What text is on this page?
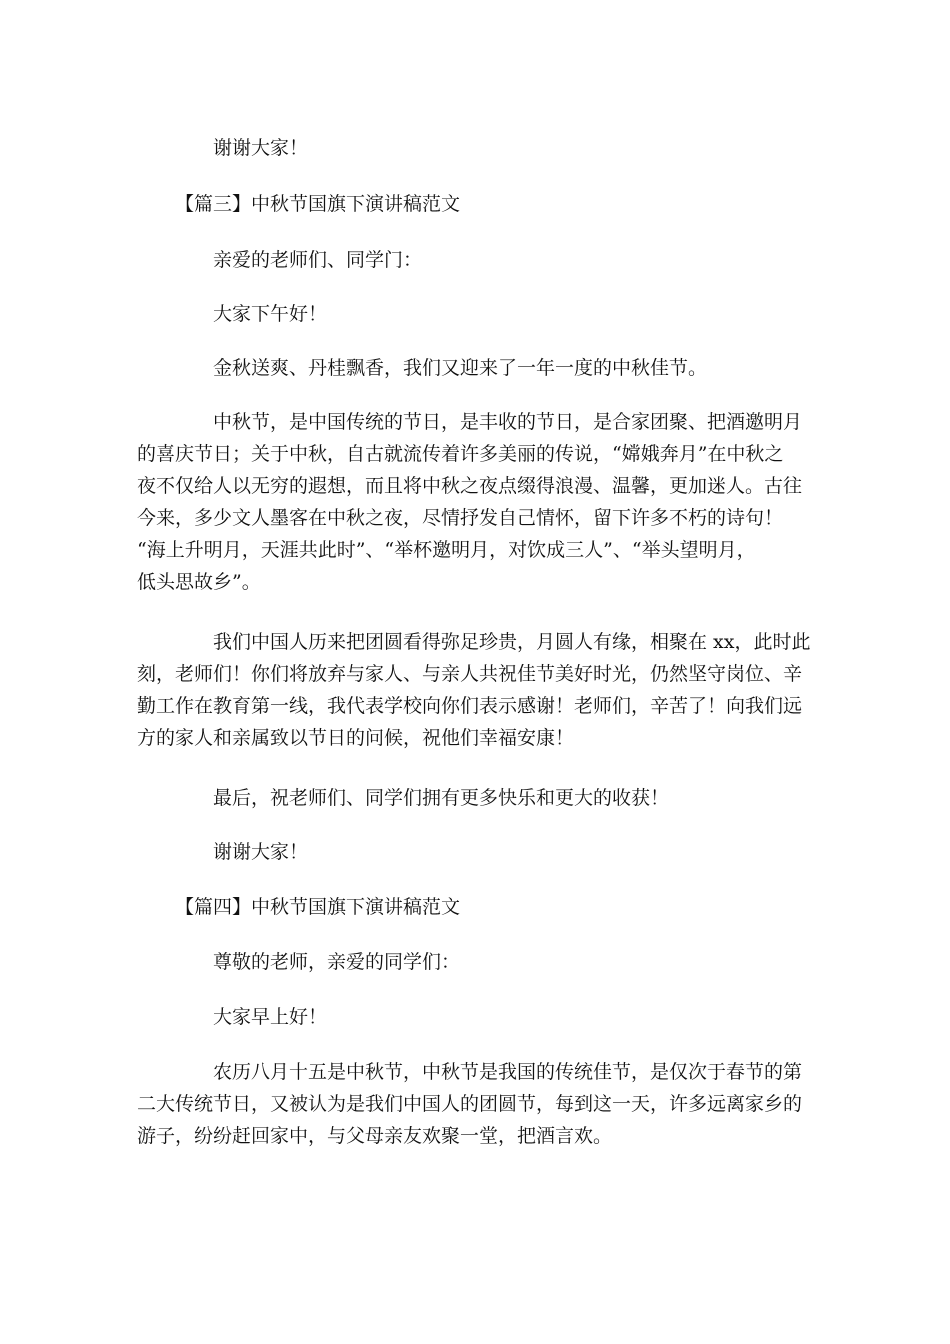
谢谢大家！
【篇三】中秋节国旗下演讲稿范文
亲爱的老师们、同学门：
大家下午好！
金秋送爽、丹桂飘香，我们又迎来了一年一度的中秋佳节。
中秋节，是中国传统的节日，是丰收的节日，是合家团聚、把酒邀明月
的喜庆节日；关于中秋，自古就流传着许多美丽的传说，“嫦娥奔月”在中秋之
夜不仅给人以无穷的遐想，而且将中秋之夜点缀得浪漫、温馨，更加迷人。古往
今来，多少文人墨客在中秋之夜，尽情抒发自己情怀，留下许多不朽的诗句！
“海上升明月，天涯共此时”、“举杯邀明月，对饮成三人”、“举头望明月，
低头思故乡”。
我们中国人历来把团圆看得弥足珍贵，月圆人有缘，相聚在 xx，此时此
刻，老师们！你们将放弃与家人、与亲人共祝佳节美好时光，仍然坚守岗位、辛
勤工作在教育第一线，我代表学校向你们表示感谢！老师们，辛苦了！向我们远
方的家人和亲属致以节日的问候，祝他们幸福安康！
最后，祝老师们、同学们拥有更多快乐和更大的收获！
谢谢大家！
【篇四】中秋节国旗下演讲稿范文
尊敬的老师，亲爱的同学们：
大家早上好！
农历八月十五是中秋节，中秋节是我国的传统佳节，是仅次于春节的第
二大传统节日，又被认为是我们中国人的团圆节，每到这一天，许多远离家乡的
游子，纷纷赶回家中，与父母亲友欢聚一堂，把酒言欢。
